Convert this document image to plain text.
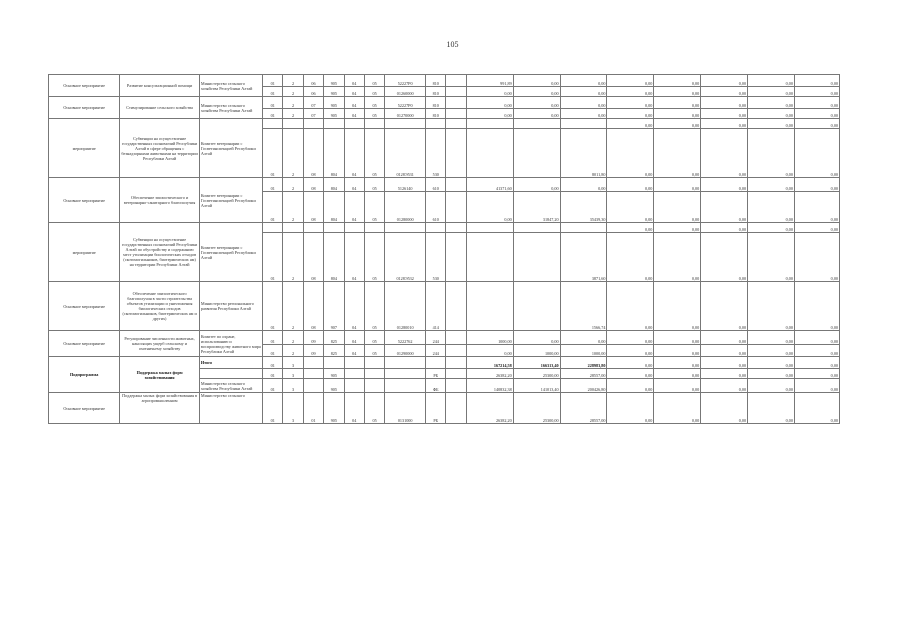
105
Основное мероприятие	Развитие консультационной помощи	Министерство сельского хозяйства Республики Алтай	01	2	06	905	04	05	52227Р0	810		991,89	0,00	0,00	0,00	0,00	0,00	0,00	0,00
			01	2	06	905	04	05	01260000	810		0,00	0,00	0,00	0,00	0,00	0,00	0,00	0,00
Основное мероприятие	Стимулирование сельского хозяйства	Министерство сельского хозяйства Республики Алтай	01	2	07	905	04	05	52227Р0	810		0,00	0,00	0,00	0,00	0,00	0,00	0,00	0,00
			01	2	07	905	04	05	01270000	810		0,00	0,00	0,00	0,00	0,00	0,00	0,00	0,00
мероприятие	Субвенции на осуществление государственных полномочий Республики Алтай в сфере обращения с безнадзорными животными на территории Республики Алтай	Комитет ветеринарии с Госветинспекцией Республики Алтай													0,00	0,00	0,00	0,00	0,00
			01	2	08	804	04	05	0128Э531	530				8011,80	0,00	0,00	0,00	0,00	0,00
Основное мероприятие	Обеспечение эпизоотического и ветеринарно-санитарного благополучия	Комитет ветеринарии с Госветинспекцией Республики Алтай	01	2	08	804	04	05	5126140	610		41371,60	0,00	0,00	0,00	0,00	0,00	0,00	0,00
			01	2	08	804	04	05	01280000	610		0,00	31847,20	35439,30	0,00	0,00	0,00	0,00	0,00
мероприятие	Субвенции на осуществление государственных полномочий Республики Алтай по обустройству и содержанию мест утилизации биологических отходов (скотомогильников, биотермических ям) на территории Республики Алтай	Комитет ветеринарии с Госветинспекцией Республики Алтай													0,00	0,00	0,00	0,00	0,00
			01	2	08	804	04	05	0128Э532	530				3871,60	0,00	0,00	0,00	0,00	0,00
Основное мероприятие	Обеспечение эпизоотического благополучия в части строительства объектов утилизации и уничтожения биологических отходов (скотомогильников, биотермических ям и других)	Министерство регионального развития Республики Алтай	01	2	08	907	04	05	01280010	414				1566,74	0,00	0,00	0,00	0,00	0,00
Основное мероприятие	Регулирование численности животных, наносящих ущерб сельскому и охотничьему хозяйству	Комитет по охране, использованию и воспроизводству животного мира Республики Алтай	01	2	09	825	04	05	5222762	244		1000,00	0,00	0,00	0,00	0,00	0,00	0,00	0,00
			01	2	09	825	04	05	01290000	244		0,00	1000,00	1000,00	0,00	0,00	0,00	0,00	0,00
Подпрограмма	Поддержка малых форм хозяйствования	Итого	01	3								167214,58	166313,40	228983,80	0,00	0,00	0,00	0,00	0,00
			01	3		905				РБ		26382,20	25300,00	28557,00	0,00	0,00	0,00	0,00	0,00
		Министерство сельского хозяйства Республики Алтай	01	3		905				ФБ		140832,38	141013,40	200426,80	0,00	0,00	0,00	0,00	0,00
Основное мероприятие	Поддержка малых форм хозяйствования в агропромышленном	Министерство сельского	01	3	01	905	04	05	0131000	РБ		26382,20	25300,00	28557,00	0,00	0,00	0,00	0,00	0,00
